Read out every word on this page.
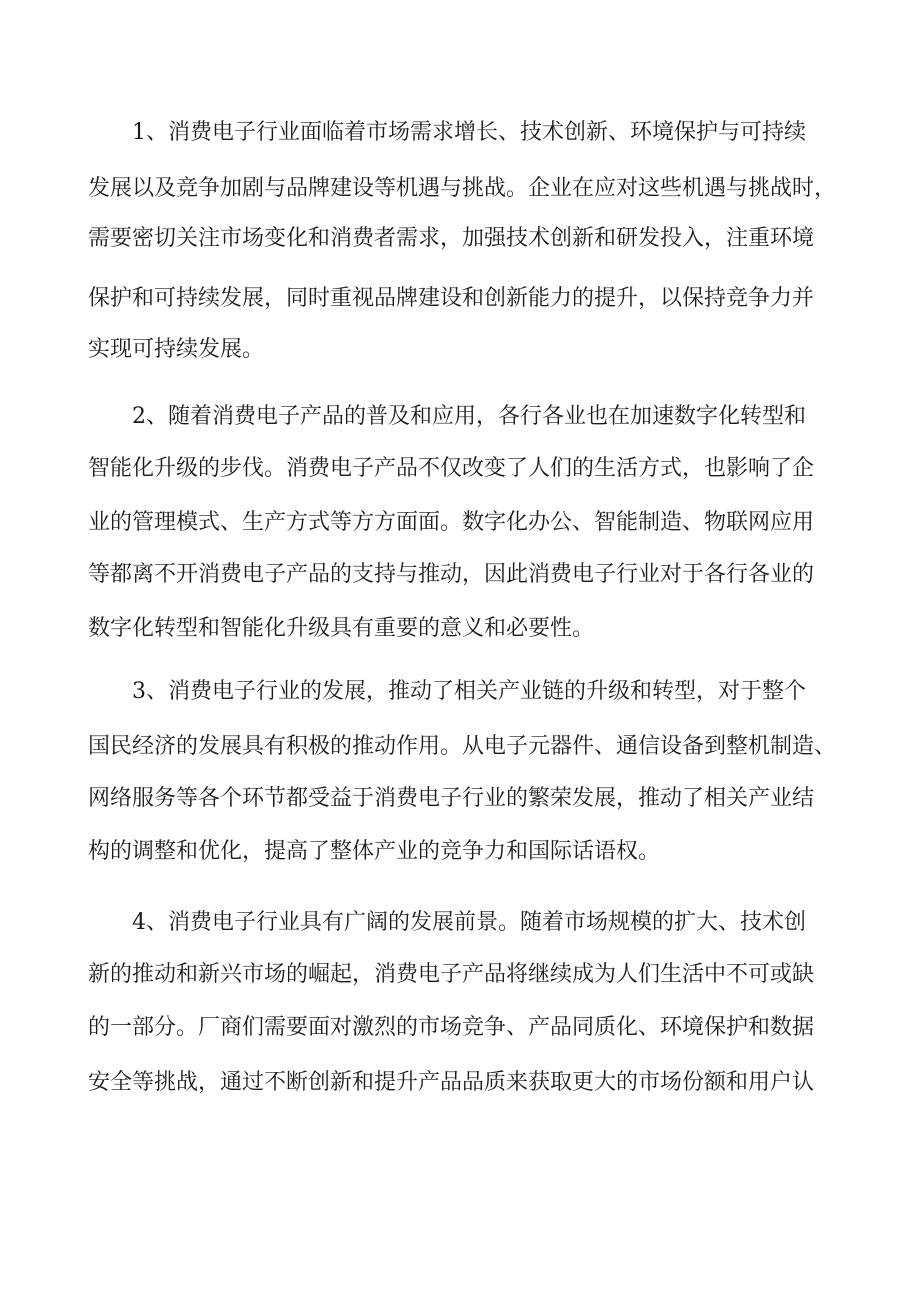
1、消费电子行业面临着市场需求增长、技术创新、环境保护与可持续
发展以及竞争加剧与品牌建设等机遇与挑战。企业在应对这些机遇与挑战时，
需要密切关注市场变化和消费者需求，加强技术创新和研发投入，注重环境
保护和可持续发展，同时重视品牌建设和创新能力的提升，以保持竞争力并
实现可持续发展。
2、随着消费电子产品的普及和应用，各行各业也在加速数字化转型和
智能化升级的步伐。消费电子产品不仅改变了人们的生活方式，也影响了企
业的管理模式、生产方式等方方面面。数字化办公、智能制造、物联网应用
等都离不开消费电子产品的支持与推动，因此消费电子行业对于各行各业的
数字化转型和智能化升级具有重要的意义和必要性。
3、消费电子行业的发展，推动了相关产业链的升级和转型，对于整个
国民经济的发展具有积极的推动作用。从电子元器件、通信设备到整机制造、
网络服务等各个环节都受益于消费电子行业的繁荣发展，推动了相关产业结
构的调整和优化，提高了整体产业的竞争力和国际话语权。
4、消费电子行业具有广阔的发展前景。随着市场规模的扩大、技术创
新的推动和新兴市场的崛起，消费电子产品将继续成为人们生活中不可或缺
的一部分。厂商们需要面对激烈的市场竞争、产品同质化、环境保护和数据
安全等挑战，通过不断创新和提升产品品质来获取更大的市场份额和用户认
